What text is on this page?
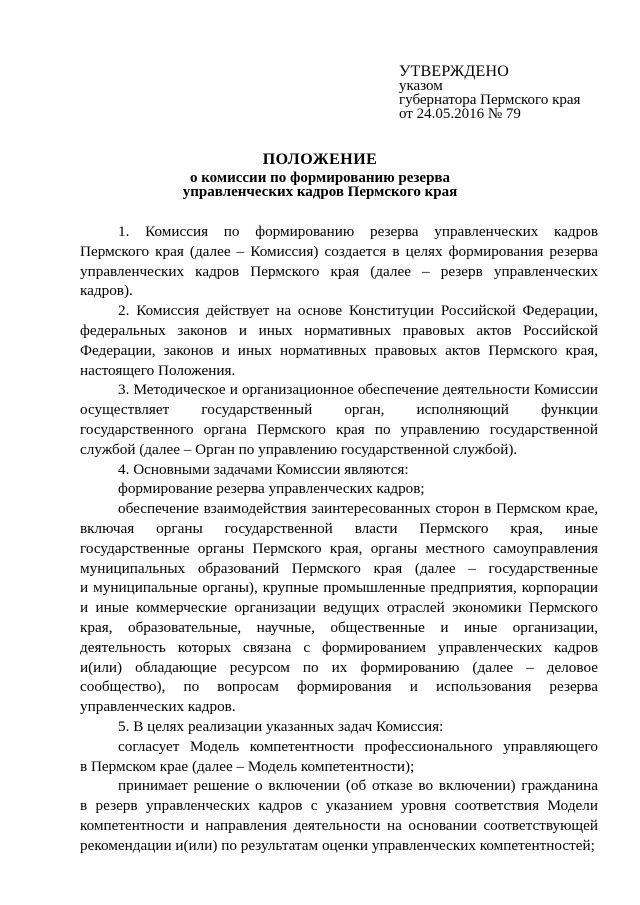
УТВЕРЖДЕНО
указом
губернатора Пермского края
от 24.05.2016 № 79
ПОЛОЖЕНИЕ
о комиссии по формированию резерва
управленческих кадров Пермского края
1. Комиссия по формированию резерва управленческих кадров
Пермского края (далее – Комиссия) создается в целях формирования резерва
управленческих кадров Пермского края (далее – резерв управленческих
кадров).
2. Комиссия действует на основе Конституции Российской Федерации,
федеральных законов и иных нормативных правовых актов Российской
Федерации, законов и иных нормативных правовых актов Пермского края,
настоящего Положения.
3. Методическое и организационное обеспечение деятельности Комиссии
осуществляет государственный орган, исполняющий функции
государственного органа Пермского края по управлению государственной
службой (далее – Орган по управлению государственной службой).
4. Основными задачами Комиссии являются:
формирование резерва управленческих кадров;
обеспечение взаимодействия заинтересованных сторон в Пермском крае,
включая органы государственной власти Пермского края, иные
государственные органы Пермского края, органы местного самоуправления
муниципальных образований Пермского края (далее – государственные
и муниципальные органы), крупные промышленные предприятия, корпорации
и иные коммерческие организации ведущих отраслей экономики Пермского
края, образовательные, научные, общественные и иные организации,
деятельность которых связана с формированием управленческих кадров
и(или) обладающие ресурсом по их формированию (далее – деловое
сообщество), по вопросам формирования и использования резерва
управленческих кадров.
5. В целях реализации указанных задач Комиссия:
согласует Модель компетентности профессионального управляющего
в Пермском крае (далее – Модель компетентности);
принимает решение о включении (об отказе во включении) гражданина
в резерв управленческих кадров с указанием уровня соответствия Модели
компетентности и направления деятельности на основании соответствующей
рекомендации и(или) по результатам оценки управленческих компетентностей;
